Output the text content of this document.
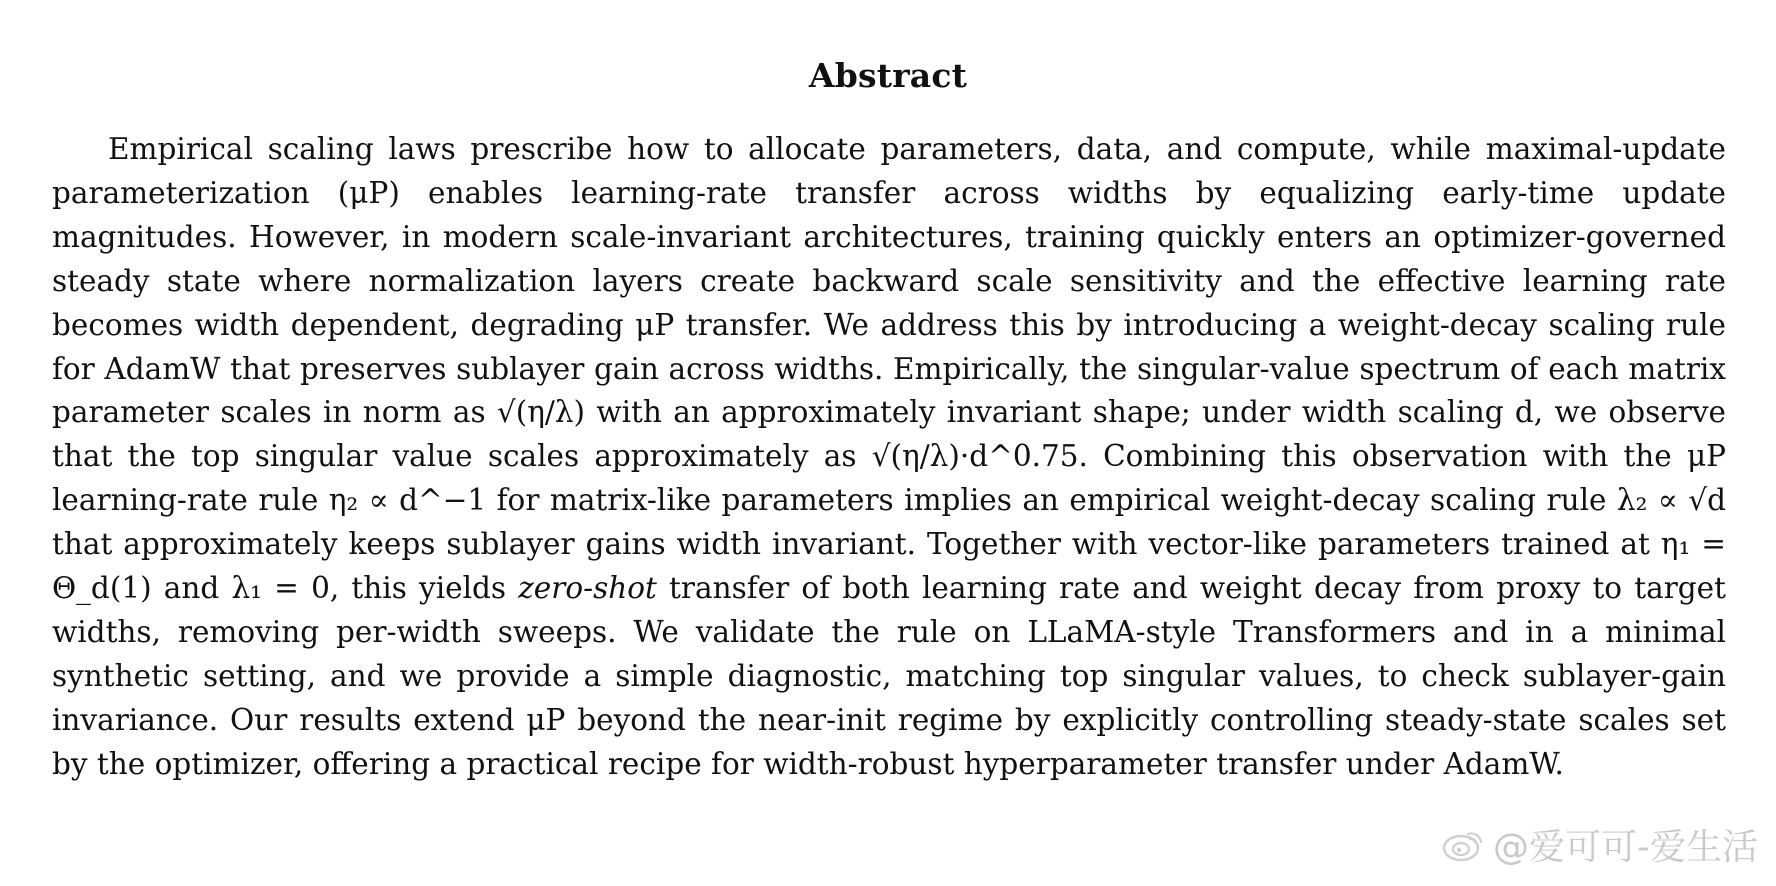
Abstract

Empirical scaling laws prescribe how to allocate parameters, data, and compute, while maximal-update parameterization (μP) enables learning-rate transfer across widths by equalizing early-time update magnitudes. However, in modern scale-invariant architectures, training quickly enters an optimizer-governed steady state where normalization layers create backward scale sensitivity and the effective learning rate becomes width dependent, degrading μP transfer. We address this by introducing a weight-decay scaling rule for AdamW that preserves sublayer gain across widths. Empirically, the singular-value spectrum of each matrix parameter scales in norm as √(η/λ) with an approximately invariant shape; under width scaling d, we observe that the top singular value scales approximately as √(η/λ)·d^0.75. Combining this observation with the μP learning-rate rule η₂ ∝ d^−1 for matrix-like parameters implies an empirical weight-decay scaling rule λ₂ ∝ √d that approximately keeps sublayer gains width invariant. Together with vector-like parameters trained at η₁ = Θ_d(1) and λ₁ = 0, this yields zero-shot transfer of both learning rate and weight decay from proxy to target widths, removing per-width sweeps. We validate the rule on LLaMA-style Transformers and in a minimal synthetic setting, and we provide a simple diagnostic, matching top singular values, to check sublayer-gain invariance. Our results extend μP beyond the near-init regime by explicitly controlling steady-state scales set by the optimizer, offering a practical recipe for width-robust hyperparameter transfer under AdamW.

@爱可可-爱生活
